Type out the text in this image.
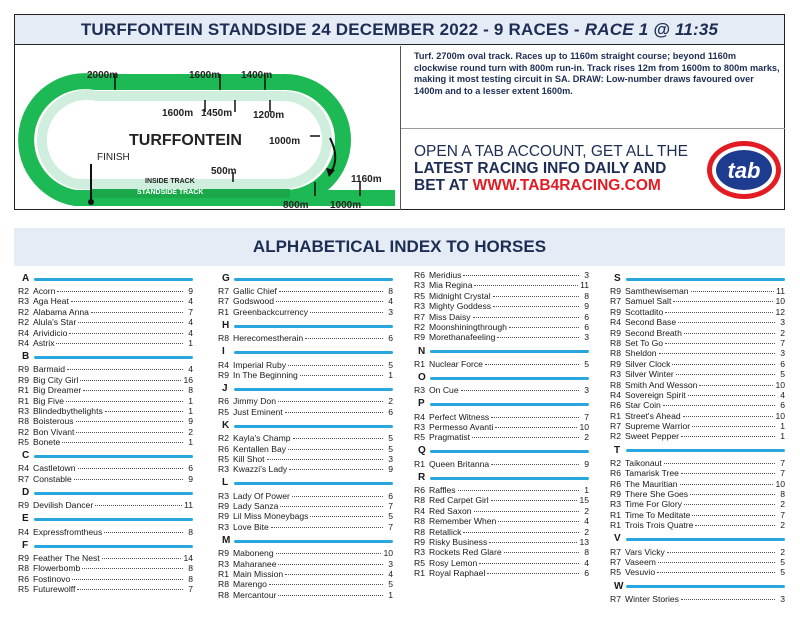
TURFFONTEIN STANDSIDE 24 DECEMBER 2022 - 9 RACES - RACE 1 @ 11:35
2000m	1600m 1400m
1600m 1450m 1200m
1000m
TURFFONTEIN
FINISH
500m
1160m
INSIDE TRACK
STANDSIDE TRACK
800m 1000m
Turf. 2700m oval track. Races up to 1160m straight course; beyond 1160m clockwise round turn with 800m run-in. Track rises 12m from 1600m to 800m marks, making it most testing circuit in SA. DRAW: Low-number draws favoured over 1400m and to a lesser extent 1600m.
OPEN A TAB ACCOUNT, GET ALL THE
LATEST RACING INFO DAILY AND
BET AT WWW.TAB4RACING.COM
tab
ALPHABETICAL INDEX TO HORSES
A
R2 Acorn	9
R3 Aga Heat	4
R2 Alabama Anna	7
R2 Alula's Star	4
R4 Arividicio	4
R4 Astrix	1
B
R9 Barmaid	4
R9 Big City Girl	16
R1 Big Dreamer	8
R1 Big Five	1
R3 Blindedbythelights	1
R8 Boisterous	9
R2 Bon Vivant	2
R5 Bonete	1
C
R4 Castletown	6
R7 Constable	9
D
R9 Devilish Dancer	11
E
R4 Expressfromtheus	8
F
R9 Feather The Nest	14
R8 Flowerbomb	8
R6 Fostinovo	8
R5 Futurewolff	7
G
R7 Gallic Chief	8
R7 Godswood	4
R1 Greenbackcurrency	3
H
R8 Herecomestherain	6
I
R4 Imperial Ruby	5
R9 In The Beginning	1
J
R6 Jimmy Don	2
R5 Just Eminent	6
K
R2 Kayla's Champ	5
R6 Kentallen Bay	5
R5 Kill Shot	3
R3 Kwazzi's Lady	9
L
R3 Lady Of Power	6
R9 Lady Sanza	7
R9 Lil Miss Moneybags	5
R3 Love Bite	7
M
R9 Maboneng	10
R3 Maharanee	3
R1 Main Mission	4
R8 Marengo	5
R8 Mercantour	1
R6 Meridius	3
R3 Mia Regina	11
R5 Midnight Crystal	8
R3 Mighty Goddess	9
R7 Miss Daisy	6
R2 Moonshiningthrough	6
R9 Morethanafeeling	3
N
R1 Nuclear Force	5
O
R3 On Cue	3
P
R4 Perfect Witness	7
R3 Permesso Avanti	10
R5 Pragmatist	2
Q
R1 Queen Britanna	9
R
R6 Raffles	1
R8 Red Carpet Girl	15
R4 Red Saxon	2
R8 Remember When	4
R8 Retallick	2
R9 Risky Business	13
R3 Rockets Red Glare	8
R5 Rosy Lemon	4
R1 Royal Raphael	6
S
R9 Samthewiseman	11
R7 Samuel Salt	10
R9 Scottadito	12
R4 Second Base	3
R9 Second Breath	2
R8 Set To Go	7
R8 Sheldon	3
R9 Silver Clock	6
R3 Silver Winter	5
R8 Smith And Wesson	10
R4 Sovereign Spirit	4
R6 Star Coin	6
R1 Street's Ahead	10
R7 Supreme Warrior	1
R2 Sweet Pepper	1
T
R2 Taikonaut	7
R6 Tamarisk Tree	7
R6 The Mauritian	10
R9 There She Goes	8
R3 Time For Glory	2
R1 Time To Meditate	7
R1 Trois Trois Quatre	2
V
R7 Vars Vicky	2
R7 Vaseem	5
R5 Vesuvio	5
W
R7 Winter Stories	3
